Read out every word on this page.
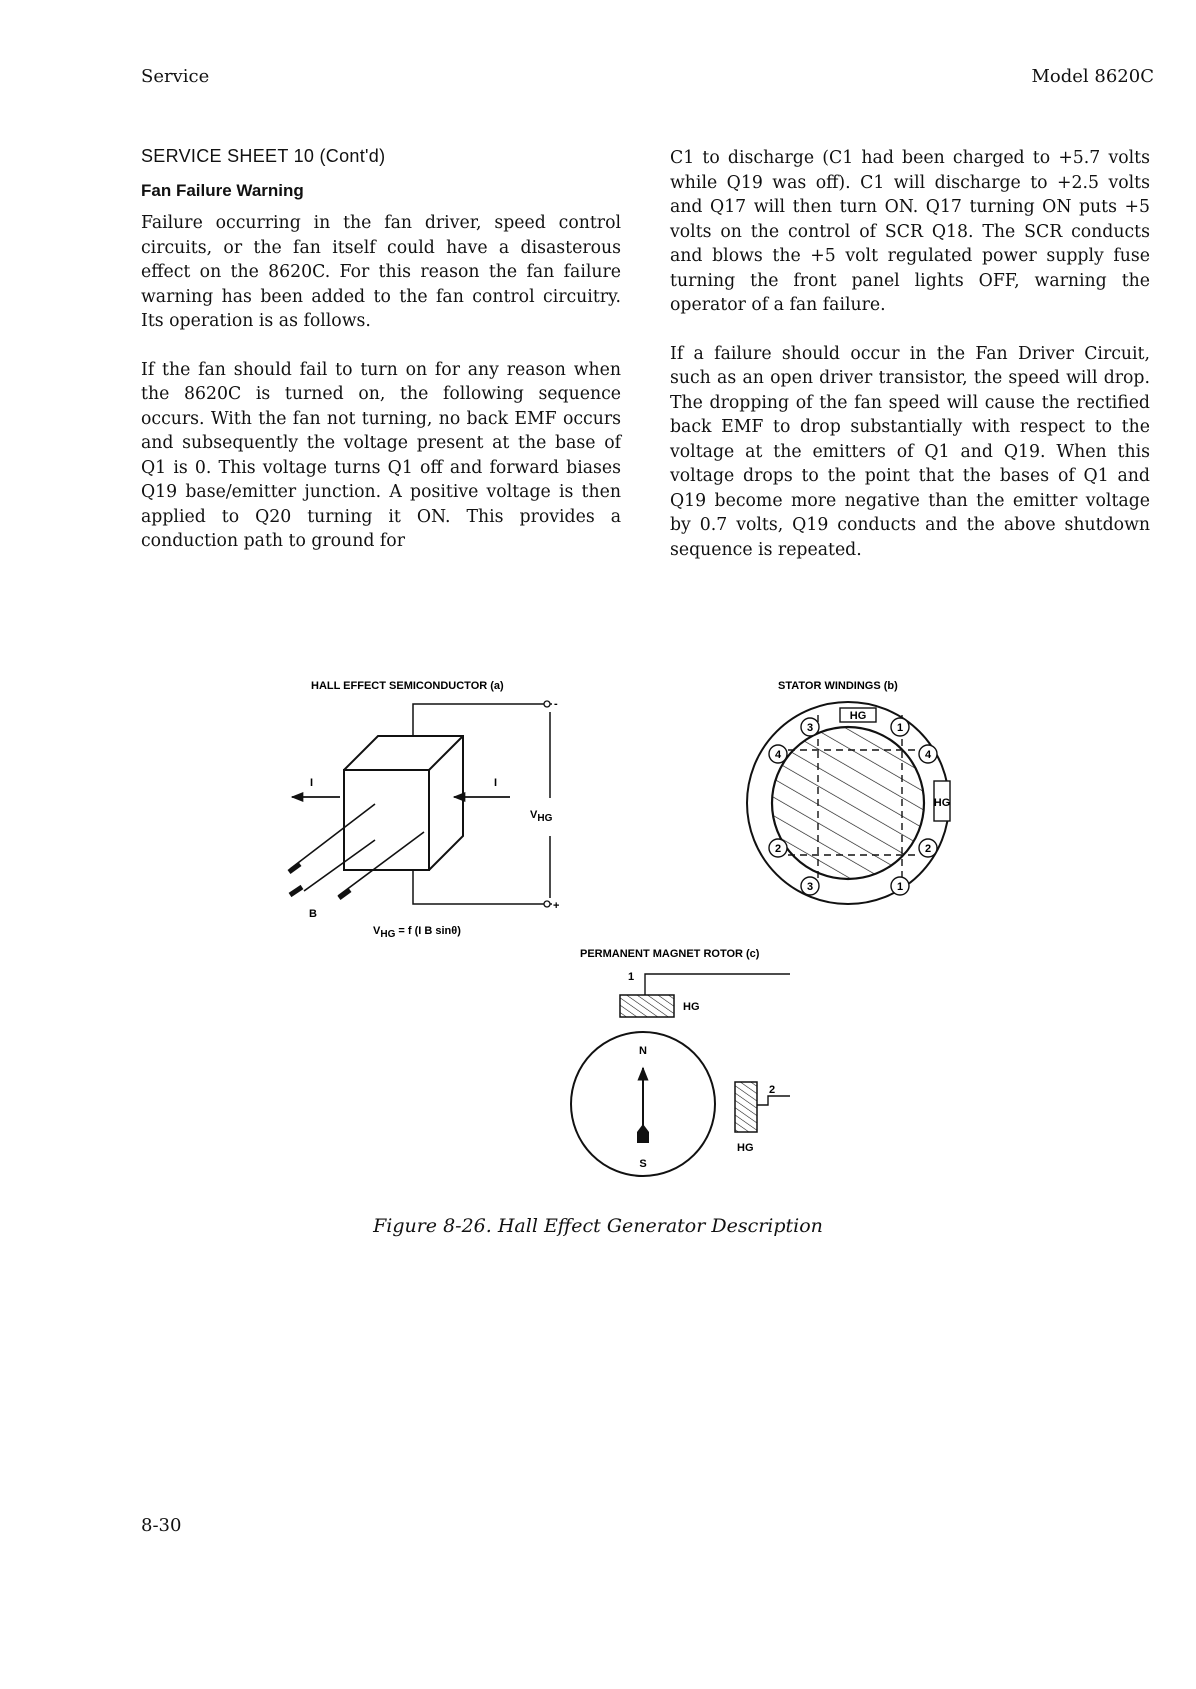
Service	Model 8620C
SERVICE SHEET 10 (Cont'd)
Fan Failure Warning

Failure occurring in the fan driver, speed control circuits, or the fan itself could have a disasterous effect on the 8620C. For this reason the fan failure warning has been added to the fan control circuitry. Its operation is as follows.

If the fan should fail to turn on for any reason when the 8620C is turned on, the following sequence occurs. With the fan not turning, no back EMF occurs and subsequently the voltage present at the base of Q1 is 0. This voltage turns Q1 off and forward biases Q19 base/emitter junction. A positive voltage is then applied to Q20 turning it ON. This provides a conduction path to ground for

C1 to discharge (C1 had been charged to +5.7 volts while Q19 was off). C1 will discharge to +2.5 volts and Q17 will then turn ON. Q17 turning ON puts +5 volts on the control of SCR Q18. The SCR conducts and blows the +5 volt regulated power supply fuse turning the front panel lights OFF, warning the operator of a fan failure.

If a failure should occur in the Fan Driver Circuit, such as an open driver transistor, the speed will drop. The dropping of the fan speed will cause the rectified back EMF to drop substantially with respect to the voltage at the emitters of Q1 and Q19. When this voltage drops to the point that the bases of Q1 and Q19 become more negative than the emitter voltage by 0.7 volts, Q19 conducts and the above shutdown sequence is repeated.

HALL EFFECT SEMICONDUCTOR (a)
-
+
VHG
I	I
B
VHG = f (I B sinθ)
STATOR WINDINGS (b)
HG
HG
3	1
4	4
2	2
3	1
PERMANENT MAGNET ROTOR (c)
1
HG
N
S
2
HG
Figure 8-26. Hall Effect Generator Description
8-30
